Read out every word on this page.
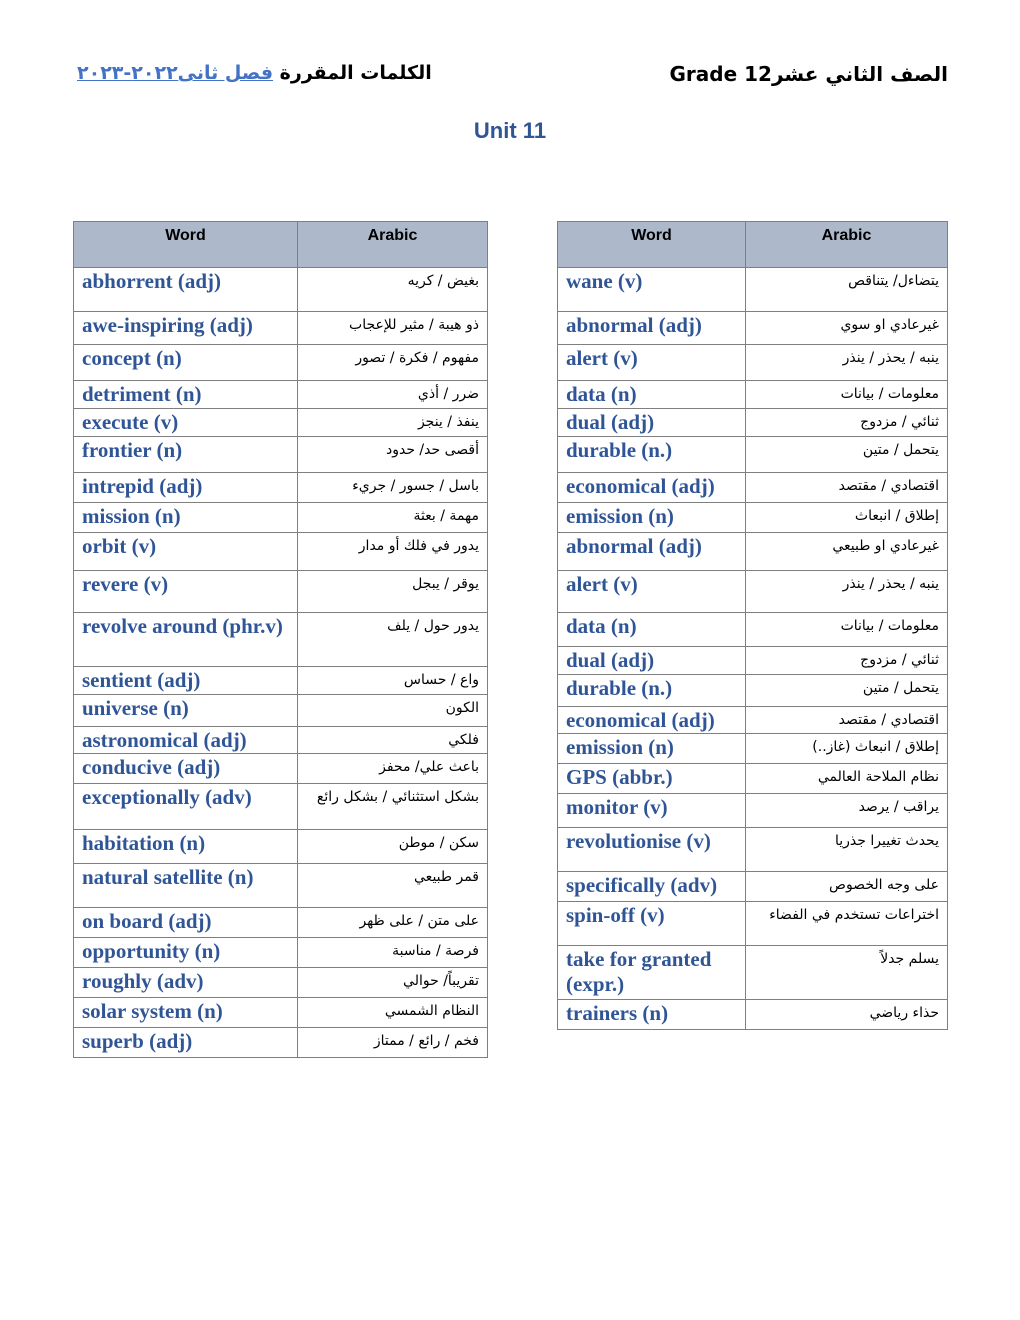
الصف الثاني عشرGrade 12
الكلمات المقررة فصل ثانى٢٠٢٢-٢٠٢٣
Unit 11
Word	Arabic
abhorrent (adj)	بغيض / كريه
awe-inspiring (adj)	ذو هيبة / مثير للإعجاب
concept (n)	مفهوم / فكرة / تصور
detriment (n)	ضرر / أذي
execute (v)	ينفذ / ينجز
frontier (n)	أقصى حد/ حدود
intrepid (adj)	باسل / جسور / جريء
mission (n)	مهمة / بعثة
orbit (v)	يدور في فلك أو مدار
revere (v)	يوقر / يبجل
revolve around (phr.v)	يدور حول / يلف
sentient (adj)	واع / حساس
universe (n)	الكون
astronomical (adj)	فلكي
conducive (adj)	باعث علي/ محفز
exceptionally (adv)	بشكل استثنائي / بشكل رائع
habitation (n)	سكن / موطن
natural satellite (n)	قمر طبيعي
on board (adj)	على متن / على ظهر
opportunity (n)	فرصة / مناسبة
roughly (adv)	تقريباً/ حوالي
solar system (n)	النظام الشمسي
superb (adj)	فخم / رائع / ممتاز
Word	Arabic
wane (v)	يتضاءل/ يتناقص
abnormal (adj)	غيرعادي او سوي
alert (v)	ينبه / يحذر / ينذر
data (n)	معلومات / بيانات
dual (adj)	ثنائي / مزدوج
durable (n.)	يتحمل / متين
economical (adj)	اقتصادي / مقتصد
emission (n)	إطلاق / انبعاث
abnormal (adj)	غيرعادي او طبيعي
alert (v)	ينبه / يحذر / ينذر
data (n)	معلومات / بيانات
dual (adj)	ثنائي / مزدوج
durable (n.)	يتحمل / متين
economical (adj)	اقتصادي / مقتصد
emission (n)	إطلاق / انبعاث (غاز..)
GPS (abbr.)	نظام الملاحة العالمي
monitor (v)	يراقب / يرصد
revolutionise (v)	يحدث تغييرا جذريا
specifically (adv)	على وجه الخصوص
spin-off (v)	اختراعات تستخدم في الفضاء
take for granted (expr.)	يسلم جدلاً
trainers (n)	حذاء رياضي
